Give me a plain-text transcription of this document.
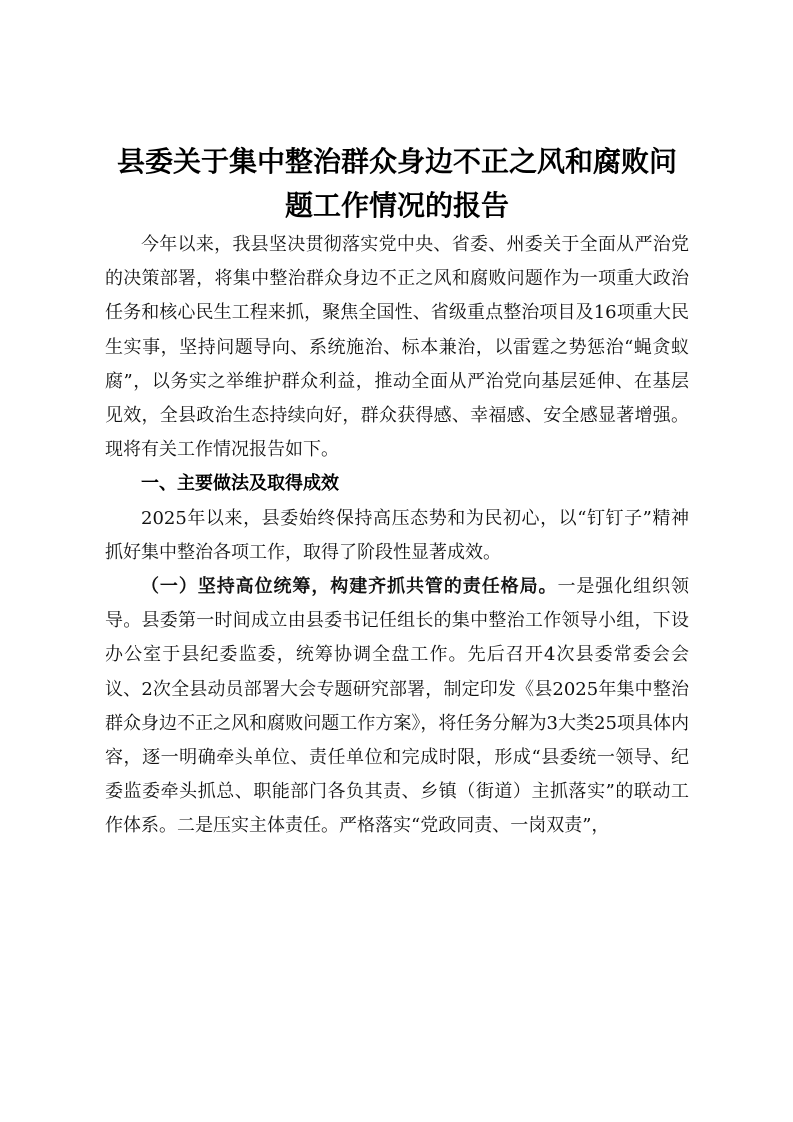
县委关于集中整治群众身边不正之风和腐败问题工作情况的报告

今年以来，我县坚决贯彻落实党中央、省委、州委关于全面从严治党的决策部署，将集中整治群众身边不正之风和腐败问题作为一项重大政治任务和核心民生工程来抓，聚焦全国性、省级重点整治项目及16项重大民生实事，坚持问题导向、系统施治、标本兼治，以雷霆之势惩治“蝇贪蚁腐”，以务实之举维护群众利益，推动全面从严治党向基层延伸、在基层见效，全县政治生态持续向好，群众获得感、幸福感、安全感显著增强。现将有关工作情况报告如下。

一、主要做法及取得成效

2025年以来，县委始终保持高压态势和为民初心，以“钉钉子”精神抓好集中整治各项工作，取得了阶段性显著成效。

（一）坚持高位统筹，构建齐抓共管的责任格局。一是强化组织领导。县委第一时间成立由县委书记任组长的集中整治工作领导小组，下设办公室于县纪委监委，统筹协调全盘工作。先后召开4次县委常委会会议、2次全县动员部署大会专题研究部署，制定印发《县2025年集中整治群众身边不正之风和腐败问题工作方案》，将任务分解为3大类25项具体内容，逐一明确牵头单位、责任单位和完成时限，形成“县委统一领导、纪委监委牵头抓总、职能部门各负其责、乡镇（街道）主抓落实”的联动工作体系。二是压实主体责任。严格落实“党政同责、一岗双责”，
